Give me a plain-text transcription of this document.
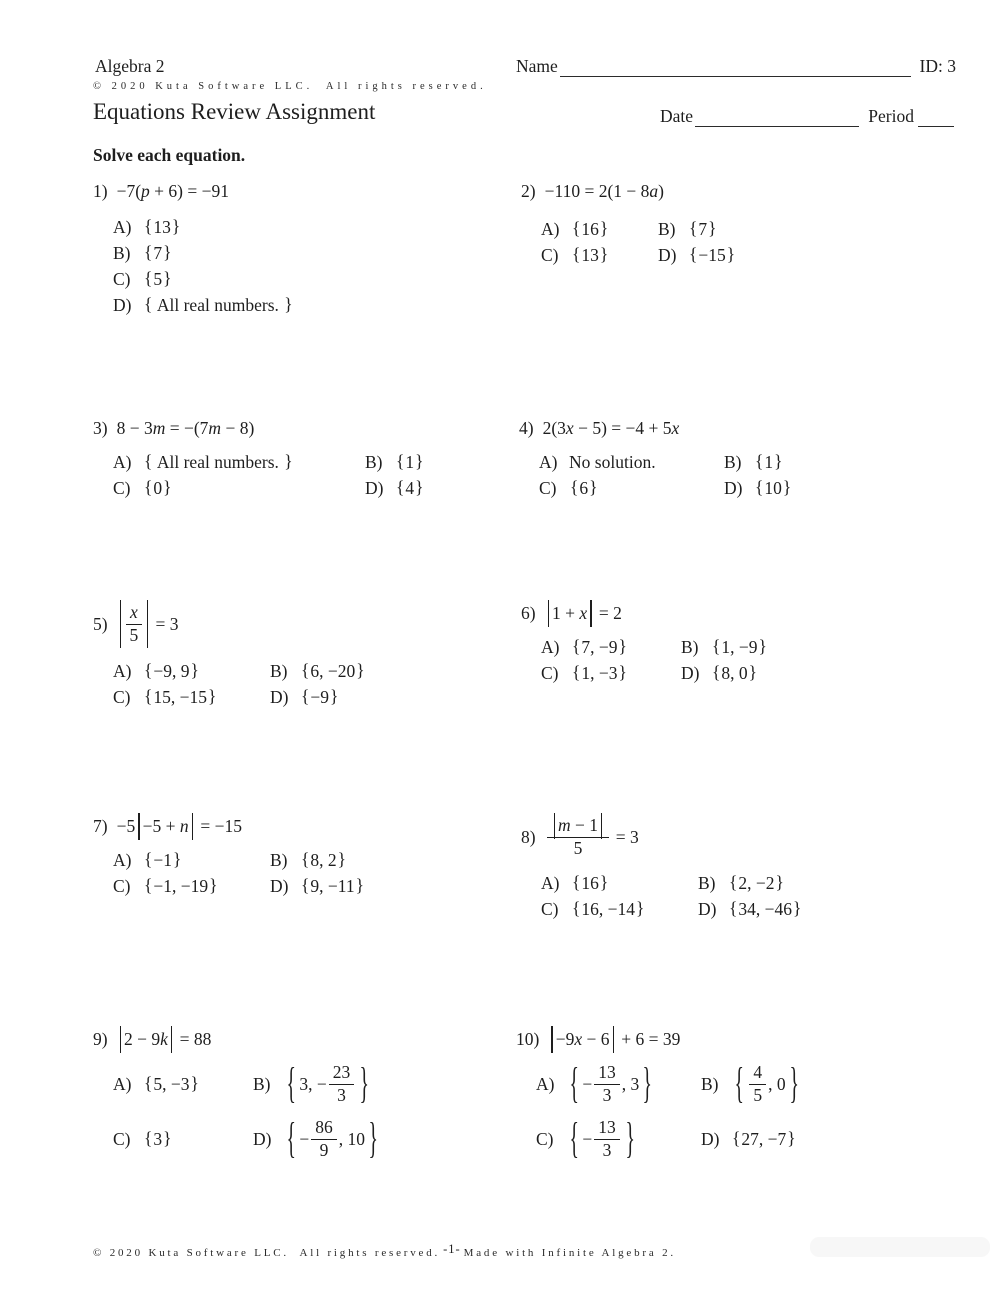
Algebra 2
© 2020 Kuta Software LLC.  All rights reserved.
Equations Review Assignment
Name	ID: 3
Date	Period
Solve each equation.
1) −7(p + 6) = −91
A) { 13 }
B) { 7 }
C) { 5 }
D) { All real numbers. }
2) −110 = 2(1 − 8a)
A) { 16 }	B) { 7 }
C) { 13 }	D) { −15 }
3) 8 − 3m = −(7m − 8)
A) { All real numbers. }	B) { 1 }
C) { 0 }	D) { 4 }
4) 2(3x − 5) = −4 + 5x
A) No solution.	B) { 1 }
C) { 6 }	D) { 10 }
$5) \frac{x}{5} = 3$
A) { −9, 9 }	B) { 6, −20 }
C) { 15, −15 }	D) { −9 }
6) 1 + x = 2
A) { 7, −9 }	B) { 1, −9 }
C) { 1, −3 }	D) { 8, 0 }
7) −5 −5 + n = −15
A) { −1 }	B) { 8, 2 }
C) { −1, −19 }	D) { 9, −11 }
$8) \frac{m - 1}{5} = 3$
A) { 16 }	B) { 2, −2 }
C) { 16, −14 }	D) { 34, −46 }
9) 2 − 9k = 88
A) { 5, −3 }	B) { 3, − $\frac{23}{3}$ }
C) { 3 }	D) { − $\frac{86}{9}$ , 10 }
10) −9x − 6 + 6 = 39
A) { − $\frac{13}{3}$ , 3 }	B) { $\frac{4}{5}$ , 0 }
C) { − $\frac{13}{3}$ }	D) { 27, −7 }
© 2020 Kuta Software LLC.  All rights reserved. -1- Made with Infinite Algebra 2.
